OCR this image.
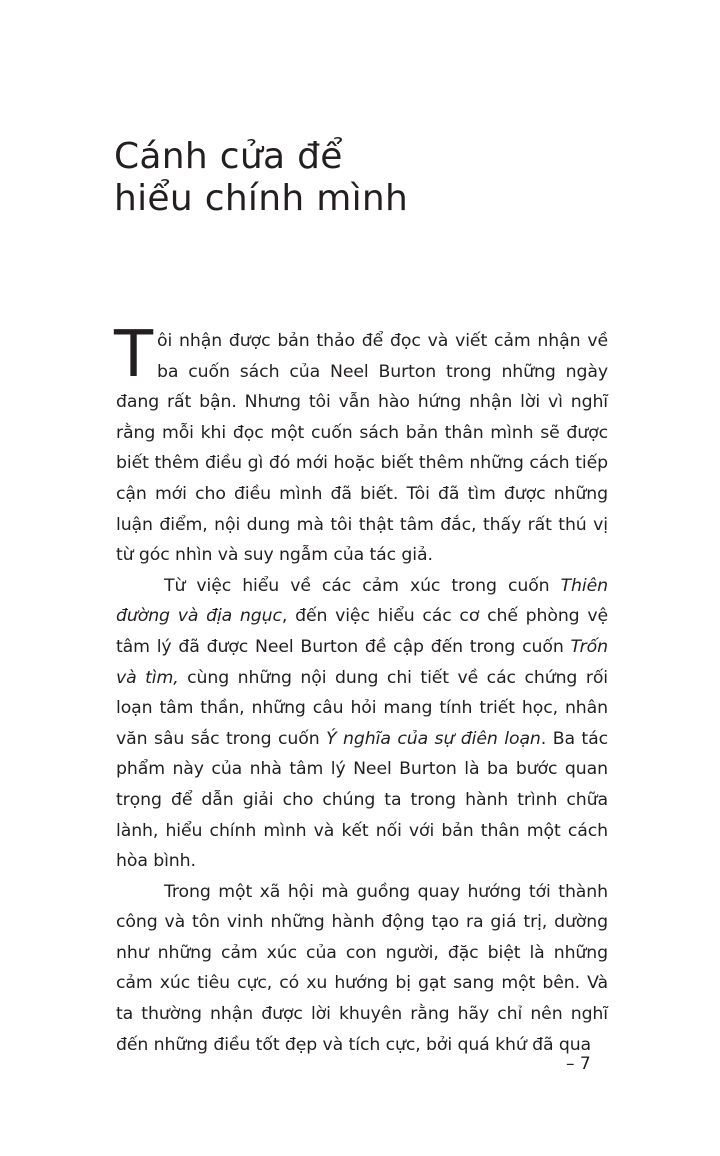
Cánh cửa để
hiểu chính mình

Tôi nhận được bản thảo để đọc và viết cảm nhận về ba cuốn sách của Neel Burton trong những ngày đang rất bận. Nhưng tôi vẫn hào hứng nhận lời vì nghĩ rằng mỗi khi đọc một cuốn sách bản thân mình sẽ được biết thêm điều gì đó mới hoặc biết thêm những cách tiếp cận mới cho điều mình đã biết. Tôi đã tìm được những luận điểm, nội dung mà tôi thật tâm đắc, thấy rất thú vị từ góc nhìn và suy ngẫm của tác giả.

Từ việc hiểu về các cảm xúc trong cuốn Thiên đường và địa ngục, đến việc hiểu các cơ chế phòng vệ tâm lý đã được Neel Burton đề cập đến trong cuốn Trốn và tìm, cùng những nội dung chi tiết về các chứng rối loạn tâm thần, những câu hỏi mang tính triết học, nhân văn sâu sắc trong cuốn Ý nghĩa của sự điên loạn. Ba tác phẩm này của nhà tâm lý Neel Burton là ba bước quan trọng để dẫn giải cho chúng ta trong hành trình chữa lành, hiểu chính mình và kết nối với bản thân một cách hòa bình.

Trong một xã hội mà guồng quay hướng tới thành công và tôn vinh những hành động tạo ra giá trị, dường như những cảm xúc của con người, đặc biệt là những cảm xúc tiêu cực, có xu hướng bị gạt sang một bên. Và ta thường nhận được lời khuyên rằng hãy chỉ nên nghĩ đến những điều tốt đẹp và tích cực, bởi quá khứ đã qua

– 7
